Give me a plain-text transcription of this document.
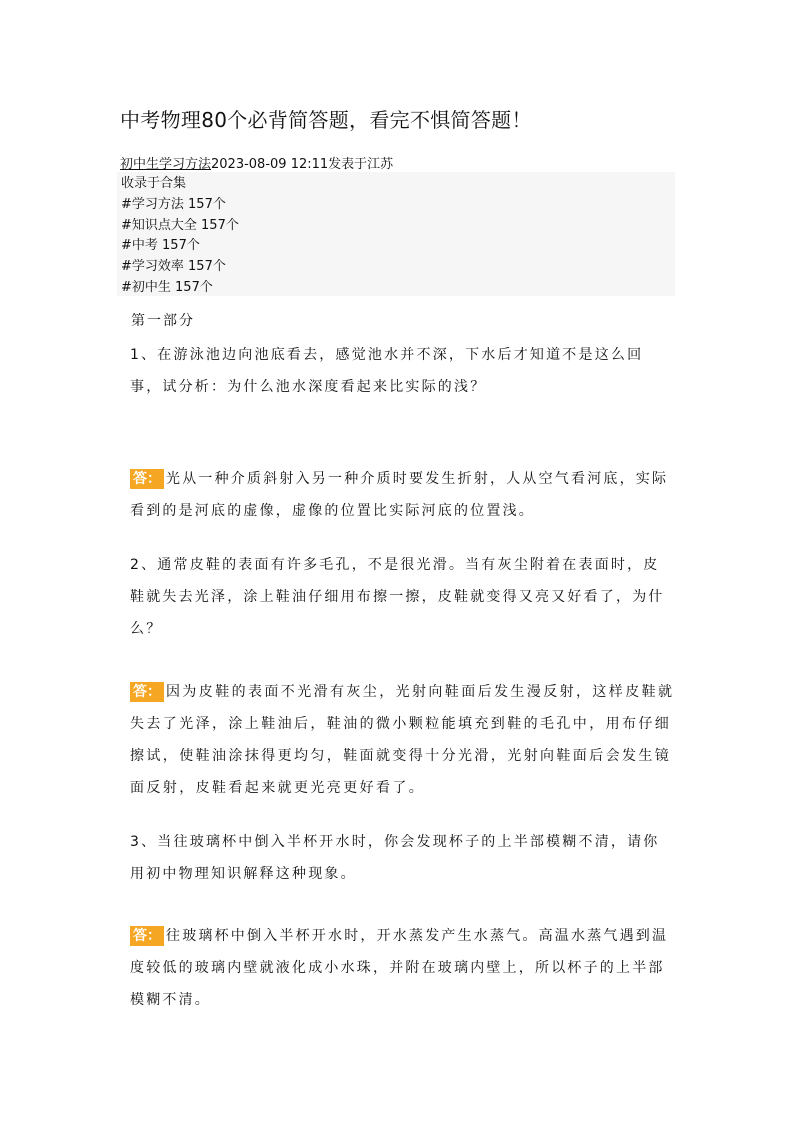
中考物理80个必背简答题，看完不惧简答题！
初中生学习方法2023-08-09 12:11发表于江苏
收录于合集
#学习方法 157个
#知识点大全 157个
#中考 157个
#学习效率 157个
#初中生 157个
第一部分
1、在游泳池边向池底看去，感觉池水并不深，下水后才知道不是这么回事，试分析：为什么池水深度看起来比实际的浅？
答： 光从一种介质斜射入另一种介质时要发生折射，人从空气看河底，实际看到的是河底的虚像，虚像的位置比实际河底的位置浅。
2、通常皮鞋的表面有许多毛孔，不是很光滑。当有灰尘附着在表面时，皮鞋就失去光泽，涂上鞋油仔细用布擦一擦，皮鞋就变得又亮又好看了，为什么？
答： 因为皮鞋的表面不光滑有灰尘，光射向鞋面后发生漫反射，这样皮鞋就失去了光泽，涂上鞋油后，鞋油的微小颗粒能填充到鞋的毛孔中，用布仔细擦试，使鞋油涂抹得更均匀，鞋面就变得十分光滑，光射向鞋面后会发生镜面反射，皮鞋看起来就更光亮更好看了。
3、当往玻璃杯中倒入半杯开水时，你会发现杯子的上半部模糊不清，请你用初中物理知识解释这种现象。
答： 往玻璃杯中倒入半杯开水时，开水蒸发产生水蒸气。高温水蒸气遇到温度较低的玻璃内壁就液化成小水珠，并附在玻璃内壁上，所以杯子的上半部模糊不清。
